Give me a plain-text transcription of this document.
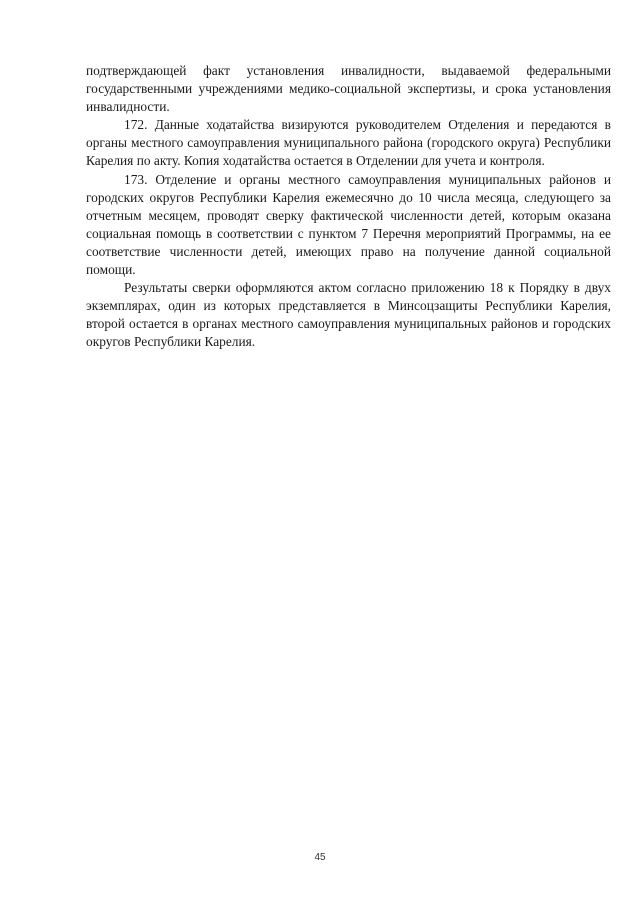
подтверждающей факт установления инвалидности, выдаваемой федеральными государственными учреждениями медико-социальной экспертизы, и срока установления инвалидности.

172. Данные ходатайства визируются руководителем Отделения и передаются в органы местного самоуправления муниципального района (городского округа) Республики Карелия по акту. Копия ходатайства остается в Отделении для учета и контроля.

173. Отделение и органы местного самоуправления муниципальных районов и городских округов Республики Карелия ежемесячно до 10 числа месяца, следующего за отчетным месяцем, проводят сверку фактической численности детей, которым оказана социальная помощь в соответствии с пунктом 7 Перечня мероприятий Программы, на ее соответствие численности детей, имеющих право на получение данной социальной помощи.

Результаты сверки оформляются актом согласно приложению 18 к Порядку в двух экземплярах, один из которых представляется в Минсоцзащиты Республики Карелия, второй остается в органах местного самоуправления муниципальных районов и городских округов Республики Карелия.

45
